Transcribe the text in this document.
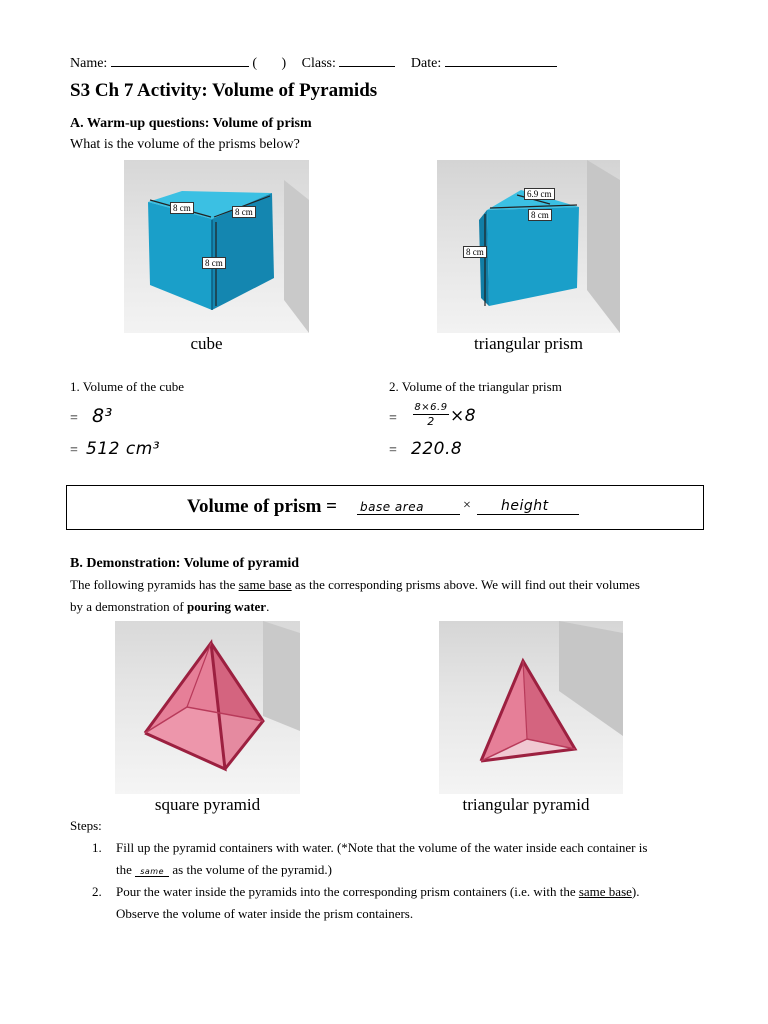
Name:	(       ) Class:	Date:
S3 Ch 7 Activity: Volume of Pyramids
A. Warm-up questions: Volume of prism
What is the volume of the prisms below?
8 cm	8 cm
8 cm
cube
6.9 cm
8 cm
8 cm
triangular prism
1. Volume of the cube
= 8³
= 512 cm³
2. Volume of the triangular prism
=
8×6.9
2 ×8
= 220.8
Volume of prism = base area	×	height
B. Demonstration: Volume of pyramid
The following pyramids has the same base as the corresponding prisms above. We will find out their volumes
by a demonstration of pouring water.
square pyramid	triangular pyramid
Steps:
1. Fill up the pyramid containers with water. (*Note that the volume of the water inside each container is
the same as the volume of the pyramid.)
2. Pour the water inside the pyramids into the corresponding prism containers (i.e. with the same base).
Observe the volume of water inside the prism containers.
